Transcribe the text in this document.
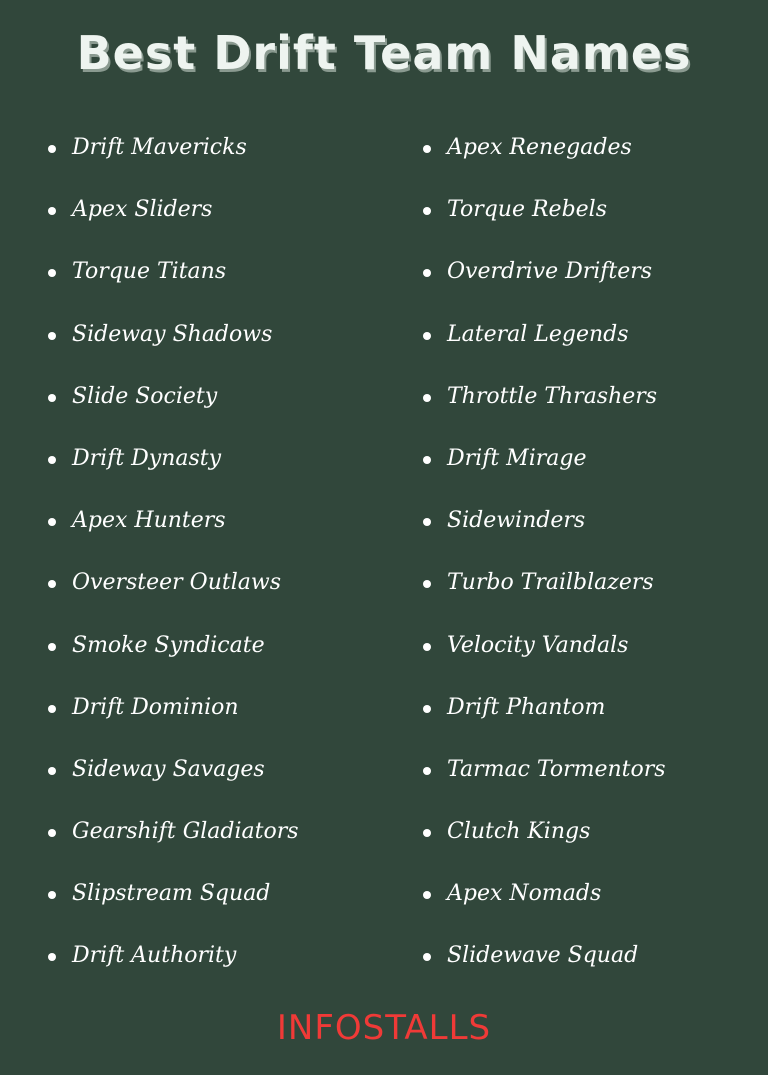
Best Drift Team Names
Drift Mavericks
Apex Sliders
Torque Titans
Sideway Shadows
Slide Society
Drift Dynasty
Apex Hunters
Oversteer Outlaws
Smoke Syndicate
Drift Dominion
Sideway Savages
Gearshift Gladiators
Slipstream Squad
Drift Authority
Apex Renegades
Torque Rebels
Overdrive Drifters
Lateral Legends
Throttle Thrashers
Drift Mirage
Sidewinders
Turbo Trailblazers
Velocity Vandals
Drift Phantom
Tarmac Tormentors
Clutch Kings
Apex Nomads
Slidewave Squad
INFOSTALLS
